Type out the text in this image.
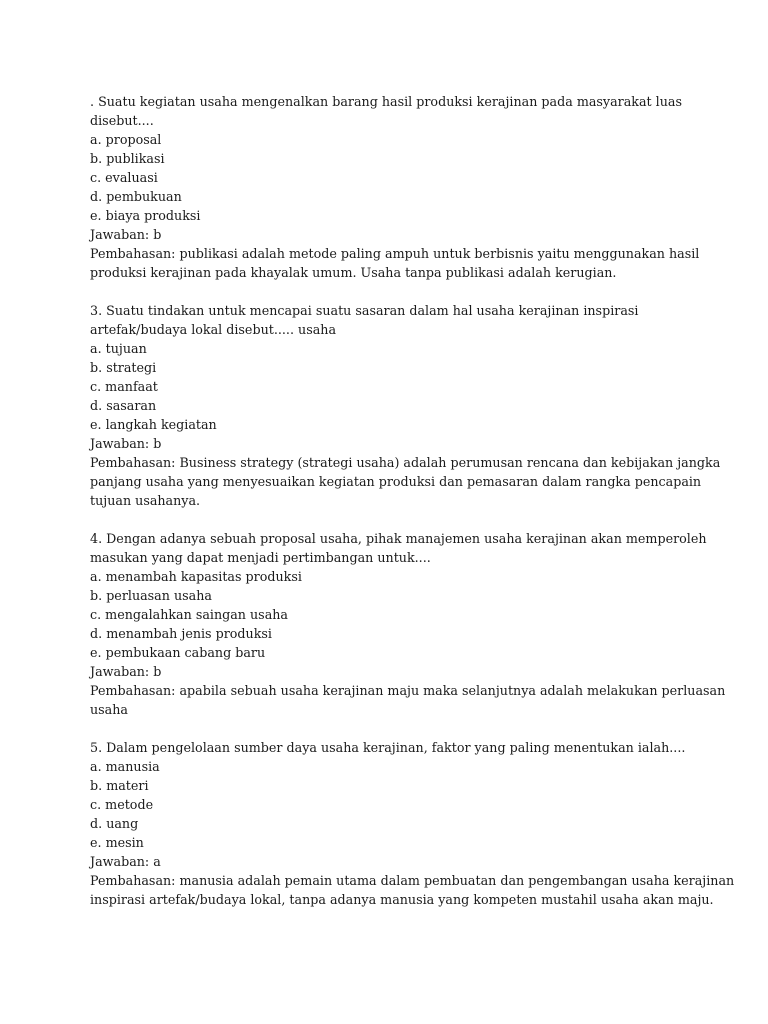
. Suatu kegiatan usaha mengenalkan barang hasil produksi kerajinan pada masyarakat luas
disebut....
a. proposal
b. publikasi
c. evaluasi
d. pembukuan
e. biaya produksi
Jawaban: b
Pembahasan: publikasi adalah metode paling ampuh untuk berbisnis yaitu menggunakan hasil
produksi kerajinan pada khayalak umum. Usaha tanpa publikasi adalah kerugian.
3. Suatu tindakan untuk mencapai suatu sasaran dalam hal usaha kerajinan inspirasi
artefak/budaya lokal disebut..... usaha
a. tujuan
b. strategi
c. manfaat
d. sasaran
e. langkah kegiatan
Jawaban: b
Pembahasan: Business strategy (strategi usaha) adalah perumusan rencana dan kebijakan jangka
panjang usaha yang menyesuaikan kegiatan produksi dan pemasaran dalam rangka pencapain
tujuan usahanya.
4. Dengan adanya sebuah proposal usaha, pihak manajemen usaha kerajinan akan memperoleh
masukan yang dapat menjadi pertimbangan untuk....
a. menambah kapasitas produksi
b. perluasan usaha
c. mengalahkan saingan usaha
d. menambah jenis produksi
e. pembukaan cabang baru
Jawaban: b
Pembahasan: apabila sebuah usaha kerajinan maju maka selanjutnya adalah melakukan perluasan
usaha
5. Dalam pengelolaan sumber daya usaha kerajinan, faktor yang paling menentukan ialah....
a. manusia
b. materi
c. metode
d. uang
e. mesin
Jawaban: a
Pembahasan: manusia adalah pemain utama dalam pembuatan dan pengembangan usaha kerajinan
inspirasi artefak/budaya lokal, tanpa adanya manusia yang kompeten mustahil usaha akan maju.
